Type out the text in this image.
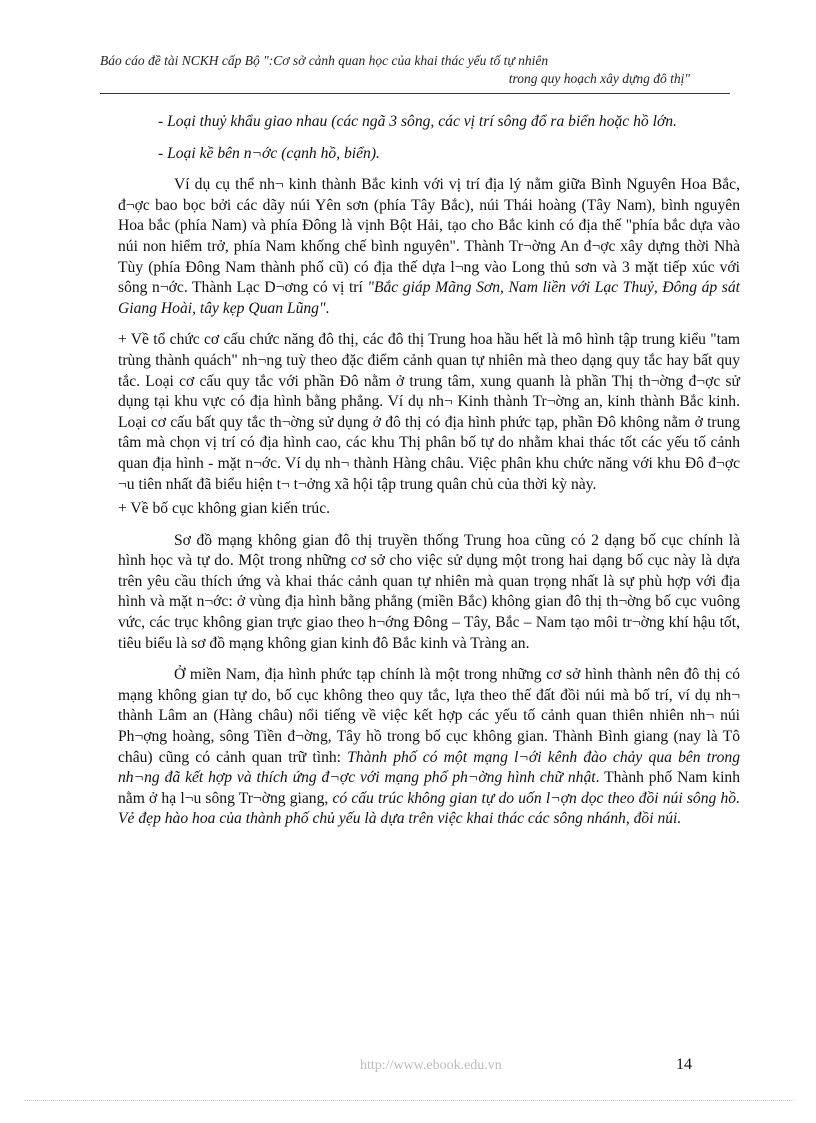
Báo cáo đề tài NCKH cấp Bộ ":Cơ sở cảnh quan học của khai thác yếu tố tự nhiên
trong quy hoạch xây dựng đô thị"

- Loại thuỷ khẩu giao nhau (các ngã 3 sông, các vị trí sông đổ ra biển hoặc hồ lớn.

- Loại kề bên n¬ớc (cạnh hồ, biển).

Ví dụ cụ thể nh¬ kinh thành Bắc kinh với vị trí địa lý nằm giữa Bình Nguyên Hoa Bắc, đ¬ợc bao bọc bởi các dãy núi Yên sơn (phía Tây Bắc), núi Thái hoàng (Tây Nam), bình nguyên Hoa bắc (phía Nam) và phía Đông là vịnh Bột Hải, tạo cho Bắc kinh có địa thế "phía bắc dựa vào núi non hiểm trở, phía Nam khống chế bình nguyên". Thành Tr¬ờng An đ¬ợc xây dựng thời Nhà Tùy (phía Đông Nam thành phố cũ) có địa thế dựa l¬ng vào Long thủ sơn và 3 mặt tiếp xúc với sông n¬ớc. Thành Lạc D¬ơng có vị trí "Bắc giáp Mãng Sơn, Nam liền với Lạc Thuỷ, Đông áp sát Giang Hoài, tây kẹp Quan Lũng".

+ Về tổ chức cơ cấu chức năng đô thị, các đô thị Trung hoa hầu hết là mô hình tập trung kiểu "tam trùng thành quách" nh¬ng tuỳ theo đặc điểm cảnh quan tự nhiên mà theo dạng quy tắc hay bất quy tắc. Loại cơ cấu quy tắc với phần Đô nằm ở trung tâm, xung quanh là phần Thị th¬ờng đ¬ợc sử dụng tại khu vực có địa hình bằng phẳng. Ví dụ nh¬ Kinh thành Tr¬ờng an, kinh thành Bắc kinh. Loại cơ cấu bất quy tắc th¬ờng sử dụng ở đô thị có địa hình phức tạp, phần Đô không nằm ở trung tâm mà chọn vị trí có địa hình cao, các khu Thị phân bố tự do nhằm khai thác tốt các yếu tố cảnh quan địa hình - mặt n¬ớc. Ví dụ nh¬ thành Hàng châu. Việc phân khu chức năng với khu Đô đ¬ợc ¬u tiên nhất đã biểu hiện t¬ t¬ởng xã hội tập trung quân chủ của thời kỳ này.

+ Về bố cục không gian kiến trúc.

Sơ đồ mạng không gian đô thị truyền thống Trung hoa cũng có 2 dạng bố cục chính là hình học và tự do. Một trong những cơ sở cho việc sử dụng một trong hai dạng bố cục này là dựa trên yêu cầu thích ứng và khai thác cảnh quan tự nhiên mà quan trọng nhất là sự phù hợp với địa hình và mặt n¬ớc: ở vùng địa hình bằng phẳng (miền Bắc) không gian đô thị th¬ờng bố cục vuông vức, các trục không gian trực giao theo h¬ớng Đông – Tây, Bắc – Nam tạo môi tr¬ờng khí hậu tốt, tiêu biểu là sơ đồ mạng không gian kinh đô Bắc kinh và Tràng an.

Ở miền Nam, địa hình phức tạp chính là một trong những cơ sở hình thành nên đô thị có mạng không gian tự do, bố cục không theo quy tắc, lựa theo thế đất đồi núi mà bố trí, ví dụ nh¬ thành Lâm an (Hàng châu) nổi tiếng về việc kết hợp các yếu tố cảnh quan thiên nhiên nh¬ núi Ph¬ợng hoàng, sông Tiền đ¬ờng, Tây hồ trong bố cục không gian. Thành Bình giang (nay là Tô châu) cũng có cảnh quan trữ tình: Thành phố có một mạng l¬ới kênh đào chảy qua bên trong nh¬ng đã kết hợp và thích ứng đ¬ợc với mạng phố ph¬ờng hình chữ nhật. Thành phố Nam kinh nằm ở hạ l¬u sông Tr¬ờng giang, có cấu trúc không gian tự do uốn l¬ợn dọc theo đồi núi sông hồ. Vẻ đẹp hào hoa của thành phố chủ yếu là dựa trên việc khai thác các sông nhánh, đồi núi.

http://www.ebook.edu.vn	14
